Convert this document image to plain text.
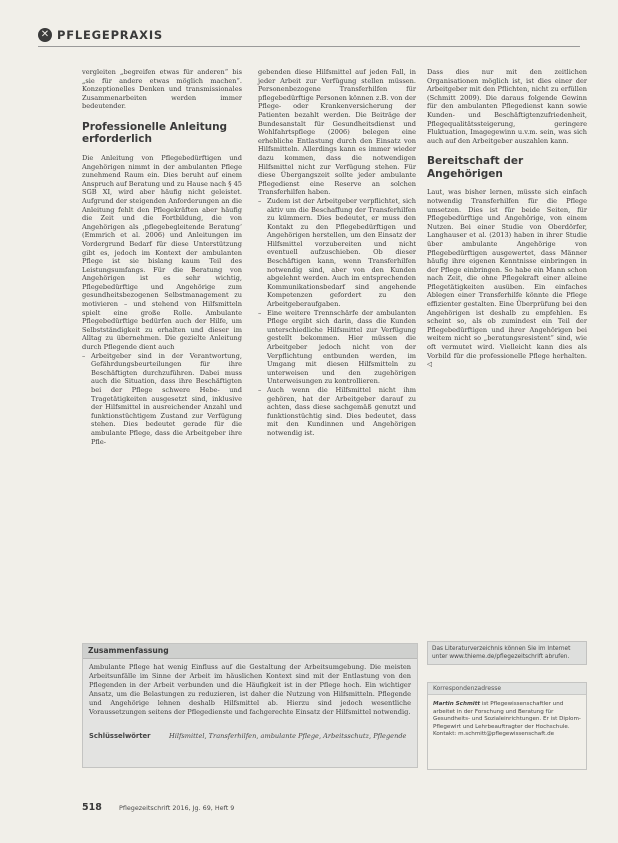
✕ PFLEGEPRAXIS

vergleiten „begreifen etwas für anderen“ bis „sie für andere etwas möglich machen“. Konzeptionelles Denken und transmissionales Zusammenarbeiten werden immer bedeutender.

Professionelle Anleitung erforderlich

Die Anleitung von Pflegebedürftigen und Angehörigen nimmt in der ambulanten Pflege zunehmend Raum ein. Dies beruht auf einem Anspruch auf Beratung und zu Hause nach § 45 SGB XI, wird aber häufig nicht geleistet. Aufgrund der steigenden Anforderungen an die Anleitung fehlt den Pflegekräften aber häufig die Zeit und die Fortbildung, die von Angehörigen als ‚pflegebegleitende Beratung‘ (Emmrich et al. 2006) und Anleitungen im Vordergrund Bedarf für diese Unterstützung gibt es, jedoch im Kontext der ambulanten Pflege ist sie bislang kaum Teil des Leistungsumfangs. Für die Beratung von Angehörigen ist es sehr wichtig, Pflegebedürftige und Angehörige zum gesundheitsbezogenen Selbstmanagement zu motivieren – und stehend von Hilfsmitteln spielt eine große Rolle. Ambulante Pflegebedürftige bedürfen auch der Hilfe, um Selbstständigkeit zu erhalten und dieser im Alltag zu übernehmen. Die gezielte Anleitung durch Pflegende dient auch

– Arbeitgeber sind in der Verantwortung, Gefährdungsbeurteilungen für ihre Beschäftigten durchzuführen. Dabei muss auch die Situation, dass ihre Beschäftigten bei der Pflege schwere Hebe- und Tragetätigkeiten ausgesetzt sind, inklusive der Hilfsmittel in ausreichender Anzahl und funktionstüchtigem Zustand zur Verfügung stehen. Dies bedeutet gerade für die ambulante Pflege, dass die Arbeitgeber ihre Pfle-

gebenden diese Hilfsmittel auf jeden Fall, in jeder Arbeit zur Verfügung stellen müssen. Personenbezogene Transferhilfen für pflegebedürftige Personen können z.B. von der Pflege- oder Krankenversicherung der Patienten bezahlt werden. Die Beiträge der Bundesanstalt für Gesundheitsdienst und Wohlfahrtspflege (2006) belegen eine erhebliche Entlastung durch den Einsatz von Hilfsmitteln. Allerdings kann es immer wieder dazu kommen, dass die notwendigen Hilfsmittel nicht zur Verfügung stehen. Für diese Übergangszeit sollte jeder ambulante Pflegedienst eine Reserve an solchen Transferhilfen haben.

– Zudem ist der Arbeitgeber verpflichtet, sich aktiv um die Beschaffung der Transferhilfen zu kümmern. Dies bedeutet, er muss den Kontakt zu den Pflegebedürftigen und Angehörigen herstellen, um den Einsatz der Hilfsmittel vorzubereiten und nicht eventuell aufzuschieben. Ob dieser Beschäftigen kann, wenn Transferhilfen notwendig sind, aber von den Kunden abgelehnt werden. Auch im entsprechenden Kommunikationsbedarf sind angehende Kompetenzen gefordert zu den Arbeitgeberaufgaben.
– Eine weitere Trennschärfe der ambulanten Pflege ergibt sich darin, dass die Kunden unterschiedliche Hilfsmittel zur Verfügung gestellt bekommen. Hier müssen die Arbeitgeber jedoch nicht von der Verpflichtung entbunden werden, im Umgang mit diesen Hilfsmitteln zu unterweisen und den zugehörigen Unterweisungen zu kontrollieren.
– Auch wenn die Hilfsmittel nicht ihm gehören, hat der Arbeitgeber darauf zu achten, dass diese sachgemäß genutzt und funktionstüchtig sind. Dies bedeutet, dass mit den Kundinnen und Angehörigen notwendig ist.

Dass dies nur mit den zeitlichen Organisationen möglich ist, ist dies einer der Arbeitgeber mit den Pflichten, nicht zu erfüllen (Schmitt 2009). Die daraus folgende Gewinn für den ambulanten Pflegedienst kann sowie Kunden- und Beschäftigtenzufriedenheit, Pflegequalitätssteigerung, geringere Fluktuation, Imagegewinn u.v.m. sein, was sich auch auf den Arbeitgeber auszahlen kann.

Bereitschaft der Angehörigen

Laut, was bisher lernen, müsste sich einfach notwendig Transferhilfen für die Pflege umsetzen. Dies ist für beide Seiten, für Pflegebedürftige und Angehörige, von einem Nutzen. Bei einer Studie von Oberdörfer, Langhauser et al. (2013) haben in ihrer Studie über ambulante Angehörige von Pflegebedürftigen ausgewertet, dass Männer häufig ihre eigenen Kenntnisse einbringen in der Pflege einbringen. So habe ein Mann schon nach Zeit, die ohne Pflegekraft einer alleine Pflegetätigkeiten ausüben. Ein einfaches Ablegen einer Transferhilfe könnte die Pflege effizienter gestalten. Eine Überprüfung bei den Angehörigen ist deshalb zu empfehlen. Es scheint so, als ob zumindest ein Teil der Pflegebedürftigen und ihrer Angehörigen bei weitem nicht so „beratungsresistent“ sind, wie oft vermutet wird. Vielleicht kann dies als Vorbild für die professionelle Pflege herhalten. ◁

Zusammenfassung
Ambulante Pflege hat wenig Einfluss auf die Gestaltung der Arbeitsumgebung. Die meisten Arbeitsunfälle im Sinne der Arbeit im häuslichen Kontext sind mit der Entlastung von den Pflegenden in der Arbeit verbunden und die Häufigkeit ist in der Pflege hoch. Ein wichtiger Ansatz, um die Belastungen zu reduzieren, ist daher die Nutzung von Hilfsmitteln. Pflegende und Angehörige lehnen deshalb Hilfsmittel ab. Hierzu sind jedoch wesentliche Voraussetzungen seitens der Pflegedienste und fachgerechte Einsatz der Hilfsmittel notwendig.
Schlüsselwörter	Hilfsmittel, Transferhilfen, ambulante Pflege, Arbeitsschutz, Pflegende
Das Literaturverzeichnis können Sie im Internet unter www.thieme.de/pflegezeitschrift abrufen.
Korrespondenzadresse
Martin Schmitt ist Pflegewissenschaftler und arbeitet in der Forschung und Beratung für Gesundheits- und Sozialeinrichtungen. Er ist Diplom-Pflegewirt und Lehrbeauftragter der Hochschule.
Kontakt: m.schmitt@pflegewissenschaft.de
518	Pflegezeitschrift 2016, Jg. 69, Heft 9
